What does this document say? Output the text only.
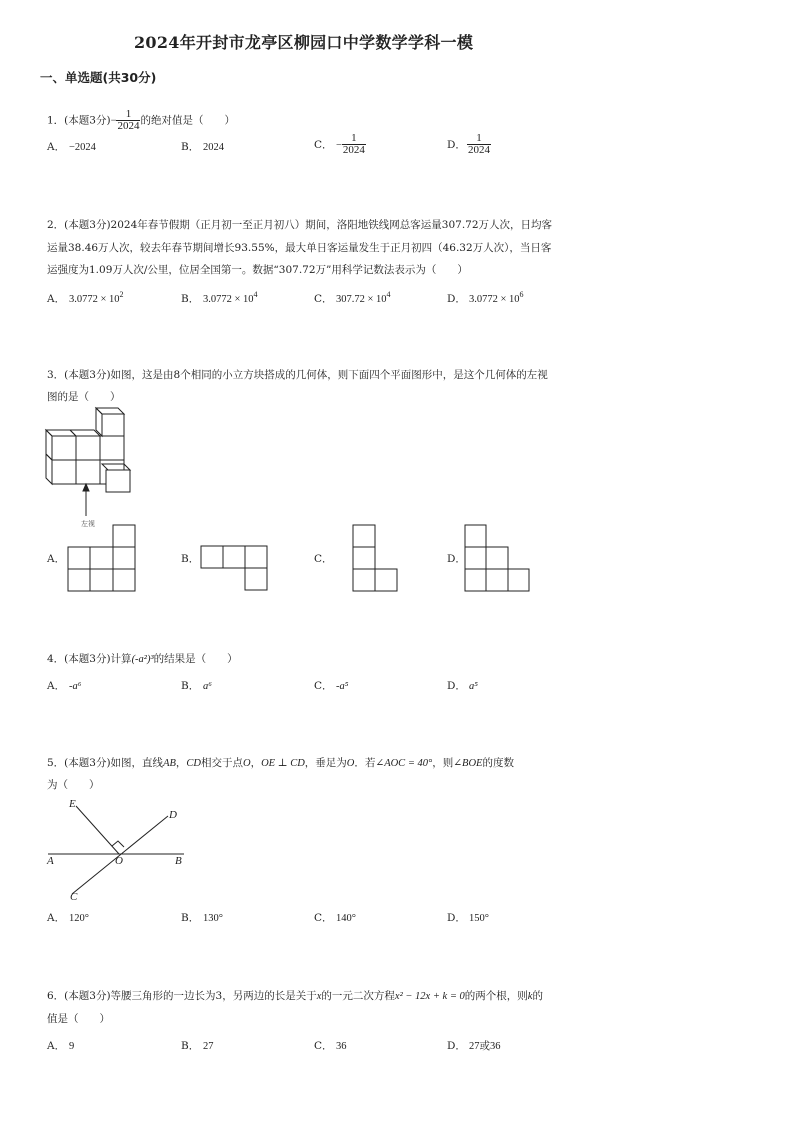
2024年开封市龙亭区柳园口中学数学学科一模
一、单选题(共30分)
1．(本题3分)− $\frac{1}{2024}$ 的绝对值是（　　）
A． −2024	B． 2024	C． − $\frac{1}{2024}$	D． $\frac{1}{2024}$
2．(本题3分)2024年春节假期（正月初一至正月初八）期间，洛阳地铁线网总客运量307.72万人次，日均客
运量38.46万人次，较去年春节期间增长93.55%，最大单日客运量发生于正月初四（46.32万人次），当日客
运强度为1.09万人次/公里，位居全国第一。数据“307.72万”用科学记数法表示为（　　）
A． $3.0772 \times 10^2$	B． $3.0772 \times 10^4$	C． $307.72 \times 10^4$	D． $3.0772 \times 10^6$
3．(本题3分)如图，这是由8个相同的小立方块搭成的几何体，则下面四个平面图形中，是这个几何体的左视
图的是（　　）
左视
A．	B．	C．	D．
4．(本题3分)计算(-a²)³的结果是（　　）
A． -a⁶	B． a⁶	C． -a⁵	D． a⁵
5．(本题3分)如图，直线AB，CD相交于点O，OE ⊥ CD，垂足为O．若∠AOC = 40°，则∠BOE的度数
为（　　）
E
D
A	O	B
C
A． 120°	B． 130°	C． 140°	D． 150°
6．(本题3分)等腰三角形的一边长为3，另两边的长是关于x的一元二次方程x² − 12x + k = 0的两个根，则k的
值是（　　）
A． 9	B． 27	C． 36	D． 27或36
